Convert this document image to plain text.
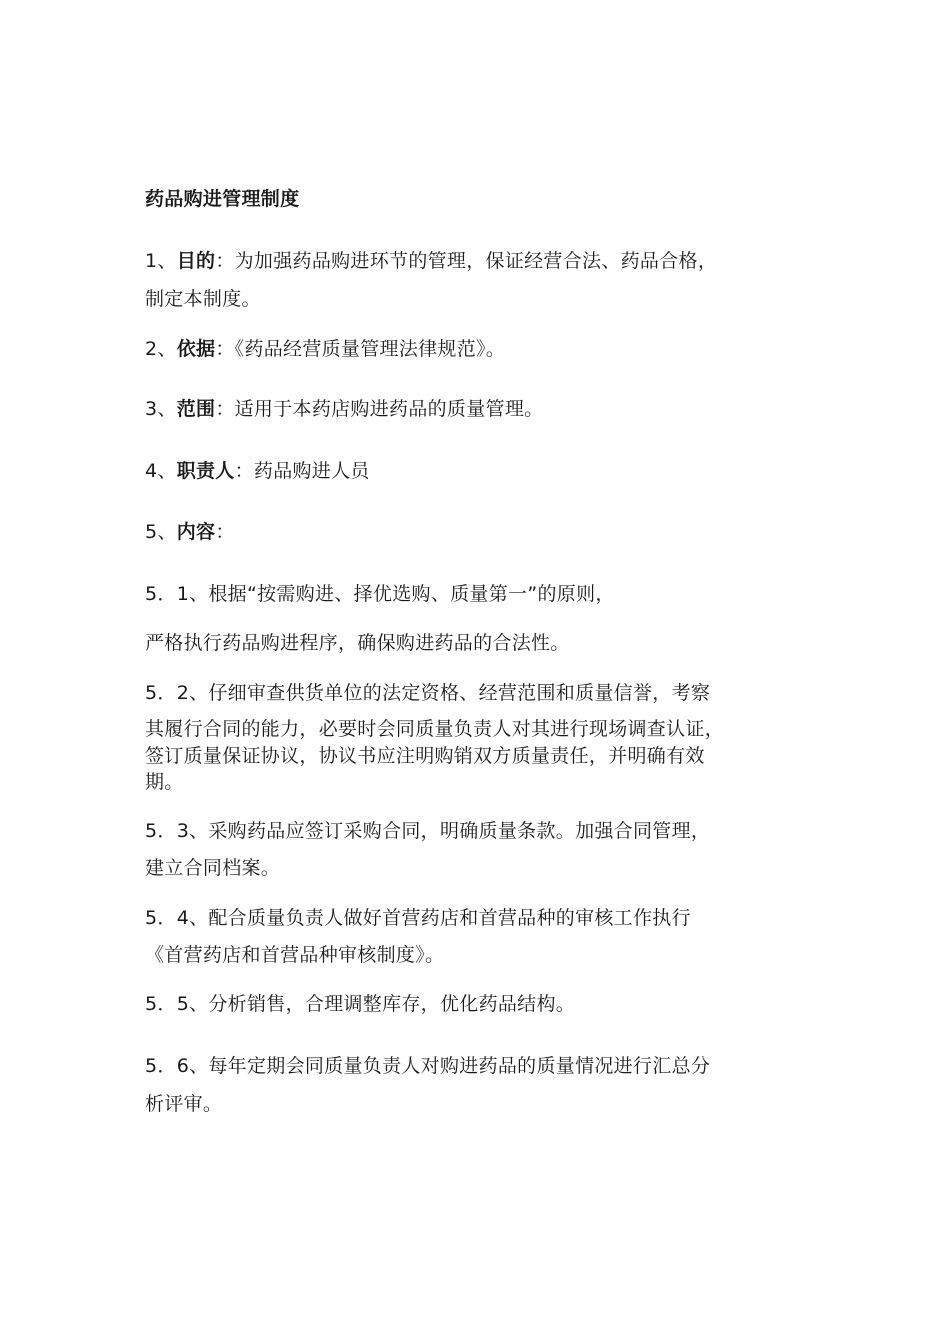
药品购进管理制度
1、目的：为加强药品购进环节的管理，保证经营合法、药品合格，
制定本制度。
2、依据：《药品经营质量管理法律规范》。
3、范围：适用于本药店购进药品的质量管理。
4、职责人：药品购进人员
5、内容：
5．1、根据“按需购进、择优选购、质量第一”的原则，
严格执行药品购进程序，确保购进药品的合法性。
5．2、仔细审查供货单位的法定资格、经营范围和质量信誉，考察
其履行合同的能力，必要时会同质量负责人对其进行现场调查认证，
签订质量保证协议，协议书应注明购销双方质量责任，并明确有效
期。
5．3、采购药品应签订采购合同，明确质量条款。加强合同管理，
建立合同档案。
5．4、配合质量负责人做好首营药店和首营品种的审核工作执行
《首营药店和首营品种审核制度》。
5．5、分析销售，合理调整库存，优化药品结构。
5．6、每年定期会同质量负责人对购进药品的质量情况进行汇总分
析评审。
